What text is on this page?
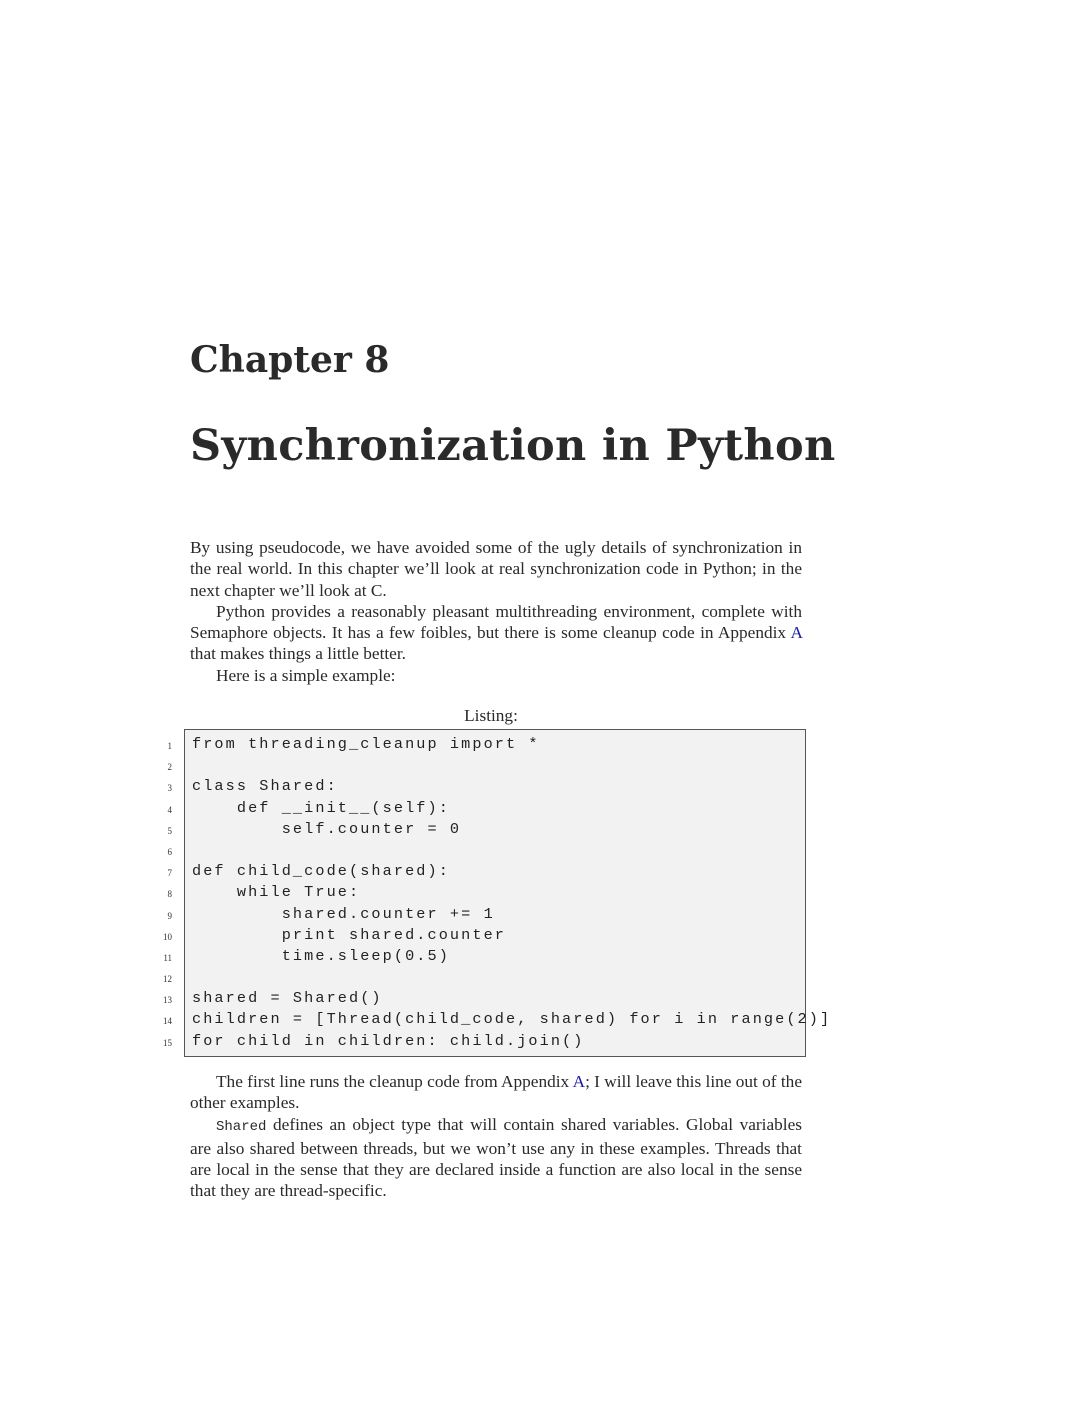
Chapter 8
Synchronization in Python

By using pseudocode, we have avoided some of the ugly details of synchronization in the real world. In this chapter we’ll look at real synchronization code in Python; in the next chapter we’ll look at C.

Python provides a reasonably pleasant multithreading environment, complete with Semaphore objects. It has a few foibles, but there is some cleanup code in Appendix A that makes things a little better.

Here is a simple example:

Listing:
1 from threading_cleanup import *
2
3 class Shared:
4 def __init__(self):
5 self.counter = 0
6
7 def child_code(shared):
8 while True:
9 shared.counter += 1
10 print shared.counter
11 time.sleep(0.5)
12
13 shared = Shared()
14 children = [Thread(child_code, shared) for i in range(2)]
15 for child in children: child.join()

The first line runs the cleanup code from Appendix A; I will leave this line out of the other examples.

Shared defines an object type that will contain shared variables. Global variables are also shared between threads, but we won’t use any in these examples. Threads that are local in the sense that they are declared inside a function are also local in the sense that they are thread-specific.
